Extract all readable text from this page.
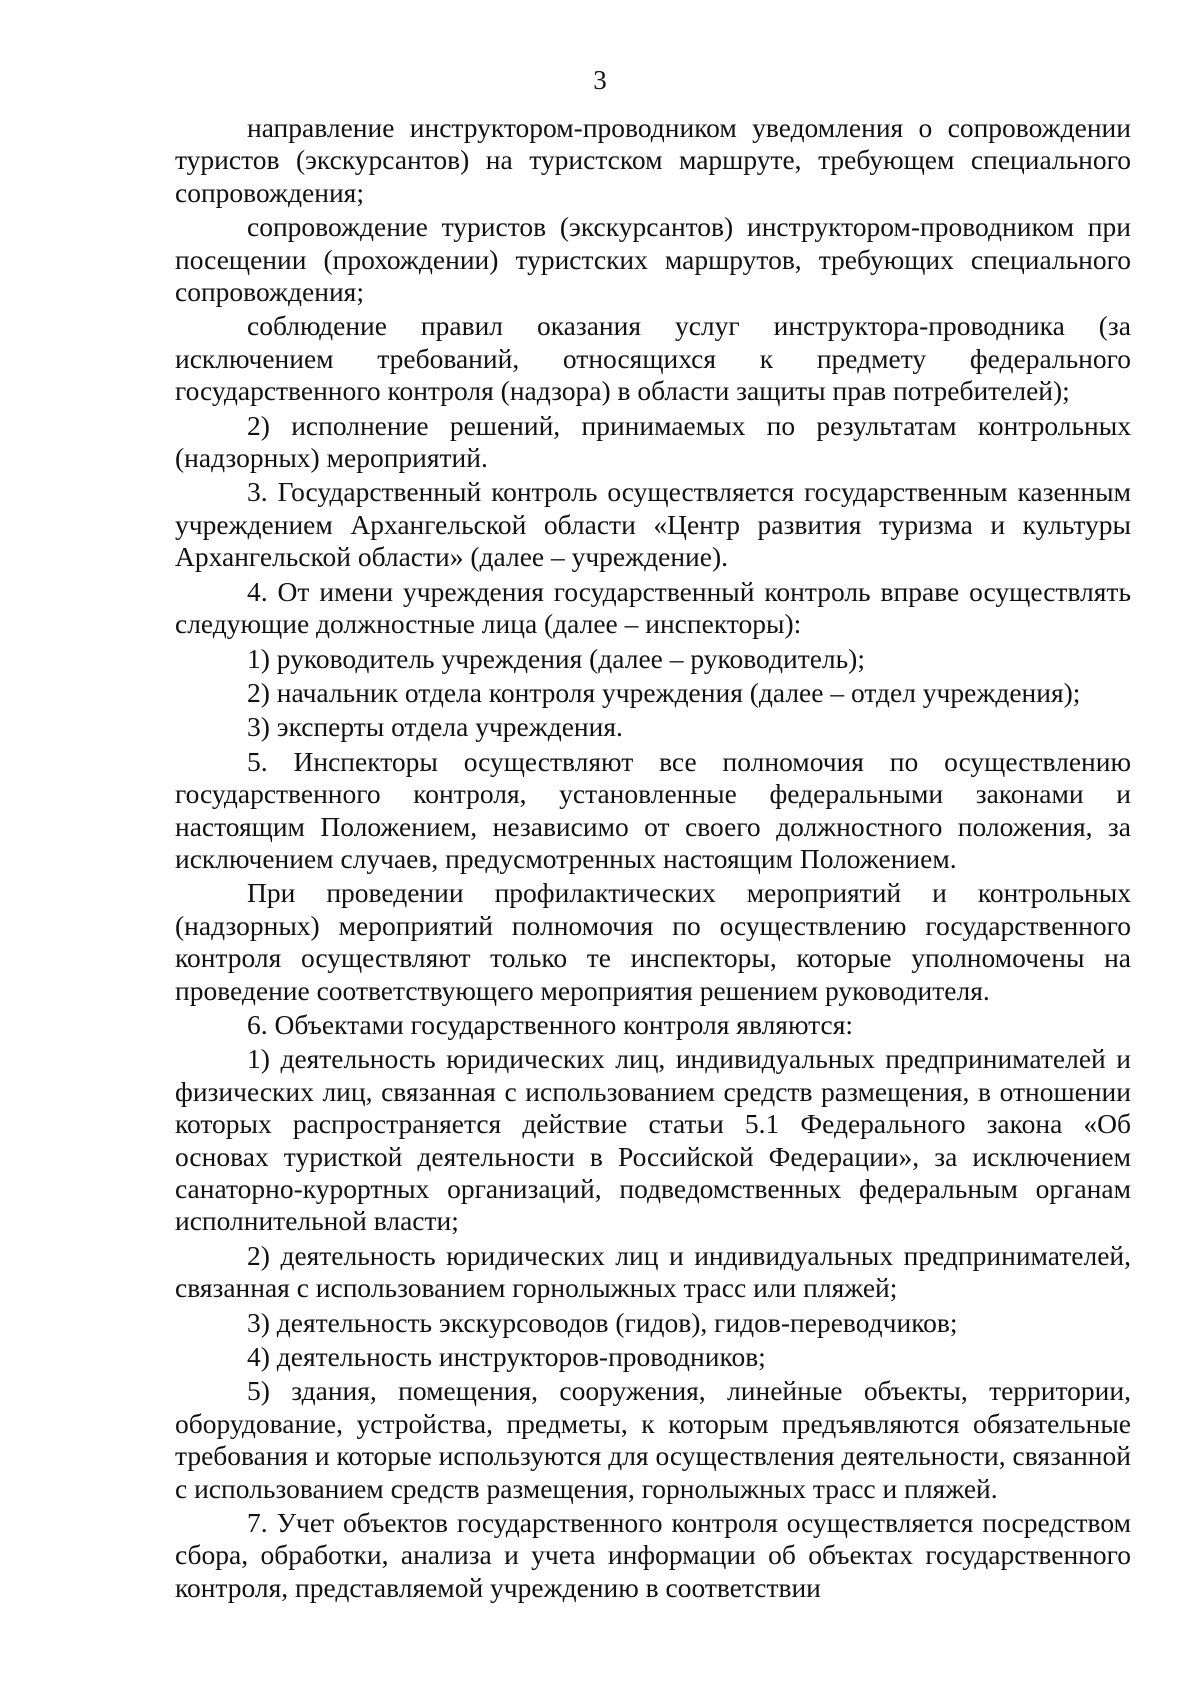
3

направление инструктором-проводником уведомления о сопровождении туристов (экскурсантов) на туристском маршруте, требующем специального сопровождения;

сопровождение туристов (экскурсантов) инструктором-проводником при посещении (прохождении) туристских маршрутов, требующих специального сопровождения;

соблюдение правил оказания услуг инструктора-проводника (за исключением требований, относящихся к предмету федерального государственного контроля (надзора) в области защиты прав потребителей);

2) исполнение решений, принимаемых по результатам контрольных (надзорных) мероприятий.

3. Государственный контроль осуществляется государственным казенным учреждением Архангельской области «Центр развития туризма и культуры Архангельской области» (далее – учреждение).

4. От имени учреждения государственный контроль вправе осуществлять следующие должностные лица (далее – инспекторы):

1) руководитель учреждения (далее – руководитель);

2) начальник отдела контроля учреждения (далее – отдел учреждения);

3) эксперты отдела учреждения.

5. Инспекторы осуществляют все полномочия по осуществлению государственного контроля, установленные федеральными законами и настоящим Положением, независимо от своего должностного положения, за исключением случаев, предусмотренных настоящим Положением.

При проведении профилактических мероприятий и контрольных (надзорных) мероприятий полномочия по осуществлению государственного контроля осуществляют только те инспекторы, которые уполномочены на проведение соответствующего мероприятия решением руководителя.

6. Объектами государственного контроля являются:

1) деятельность юридических лиц, индивидуальных предпринимателей и физических лиц, связанная с использованием средств размещения, в отношении которых распространяется действие статьи 5.1 Федерального закона «Об основах туристкой деятельности в Российской Федерации», за исключением санаторно-курортных организаций, подведомственных федеральным органам исполнительной власти;

2) деятельность юридических лиц и индивидуальных предпринимателей, связанная с использованием горнолыжных трасс или пляжей;

3) деятельность экскурсоводов (гидов), гидов-переводчиков;

4) деятельность инструкторов-проводников;

5) здания, помещения, сооружения, линейные объекты, территории, оборудование, устройства, предметы, к которым предъявляются обязательные требования и которые используются для осуществления деятельности, связанной с использованием средств размещения, горнолыжных трасс и пляжей.

7. Учет объектов государственного контроля осуществляется посредством сбора, обработки, анализа и учета информации об объектах государственного контроля, представляемой учреждению в соответствии
